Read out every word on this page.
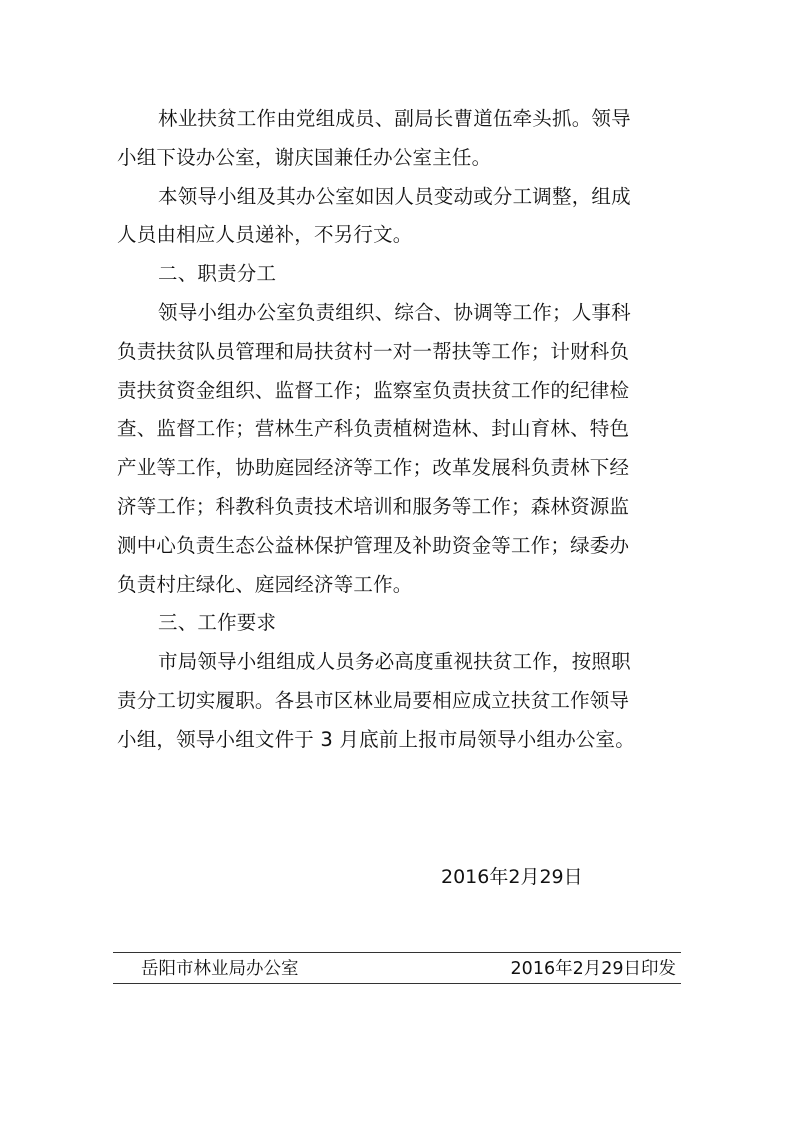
林业扶贫工作由党组成员、副局长曹道伍牵头抓。领导
小组下设办公室，谢庆国兼任办公室主任。
本领导小组及其办公室如因人员变动或分工调整，组成
人员由相应人员递补，不另行文。
二、职责分工
领导小组办公室负责组织、综合、协调等工作；人事科
负责扶贫队员管理和局扶贫村一对一帮扶等工作；计财科负
责扶贫资金组织、监督工作；监察室负责扶贫工作的纪律检
查、监督工作；营林生产科负责植树造林、封山育林、特色
产业等工作，协助庭园经济等工作；改革发展科负责林下经
济等工作；科教科负责技术培训和服务等工作；森林资源监
测中心负责生态公益林保护管理及补助资金等工作；绿委办
负责村庄绿化、庭园经济等工作。
三、工作要求
市局领导小组组成人员务必高度重视扶贫工作，按照职
责分工切实履职。各县市区林业局要相应成立扶贫工作领导
小组，领导小组文件于 3 月底前上报市局领导小组办公室。
2016年2月29日
岳阳市林业局办公室	2016年2月29日印发
